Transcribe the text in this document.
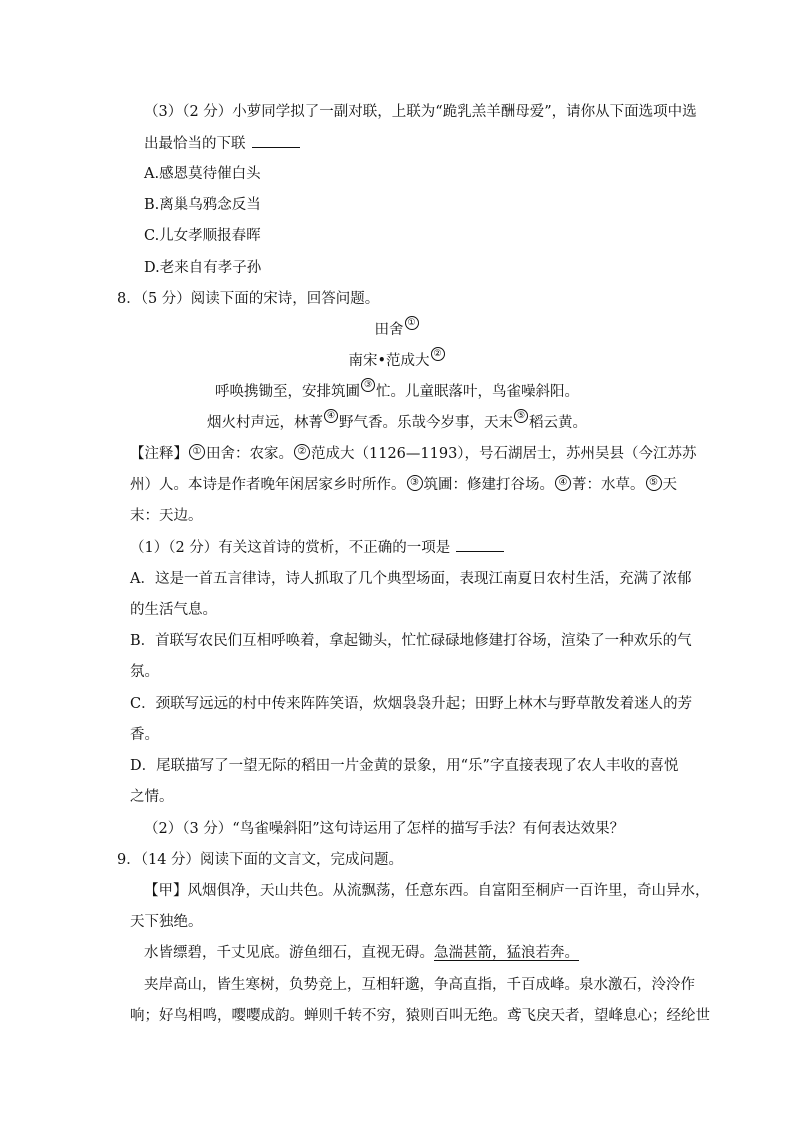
（3）（2 分）小萝同学拟了一副对联，上联为“跪乳羔羊酬母爱”，请你从下面选项中选
出最恰当的下联
A.感恩莫待催白头
B.离巢乌鸦念反当
C.儿女孝顺报春晖
D.老来自有孝子孙
8．（5 分）阅读下面的宋诗，回答问题。
田舍 ①
南宋•范成大 ②
呼唤携锄至，安排筑圃 ③ 忙。儿童眠落叶，鸟雀噪斜阳。
烟火村声远，林菁 ④ 野气香。乐哉今岁事，天末 ⑤ 稻云黄。
【注释】 ① 田舍：农家。 ② 范成大（1126—1193），号石湖居士，苏州吴县（今江苏苏
州）人。本诗是作者晚年闲居家乡时所作。 ③ 筑圃：修建打谷场。 ④ 菁：水草。 ⑤ 天
末：天边。
（1）（2 分）有关这首诗的赏析，不正确的一项是
A．这是一首五言律诗，诗人抓取了几个典型场面，表现江南夏日农村生活，充满了浓郁
的生活气息。
B．首联写农民们互相呼唤着，拿起锄头，忙忙碌碌地修建打谷场，渲染了一种欢乐的气
氛。
C．颈联写远远的村中传来阵阵笑语，炊烟袅袅升起；田野上林木与野草散发着迷人的芳
香。
D．尾联描写了一望无际的稻田一片金黄的景象，用“乐”字直接表现了农人丰收的喜悦
之情。
（2）（3 分）“鸟雀噪斜阳”这句诗运用了怎样的描写手法？有何表达效果？
9．（14 分）阅读下面的文言文，完成问题。
【甲】风烟俱净，天山共色。从流飘荡，任意东西。自富阳至桐庐一百许里，奇山异水，
天下独绝。
水皆缥碧，千丈见底。游鱼细石，直视无碍。急湍甚箭，猛浪若奔。
夹岸高山，皆生寒树，负势竞上，互相轩邈，争高直指，千百成峰。泉水激石，泠泠作
响；好鸟相鸣，嘤嘤成韵。蝉则千转不穷，猿则百叫无绝。鸢飞戾天者，望峰息心；经纶世
